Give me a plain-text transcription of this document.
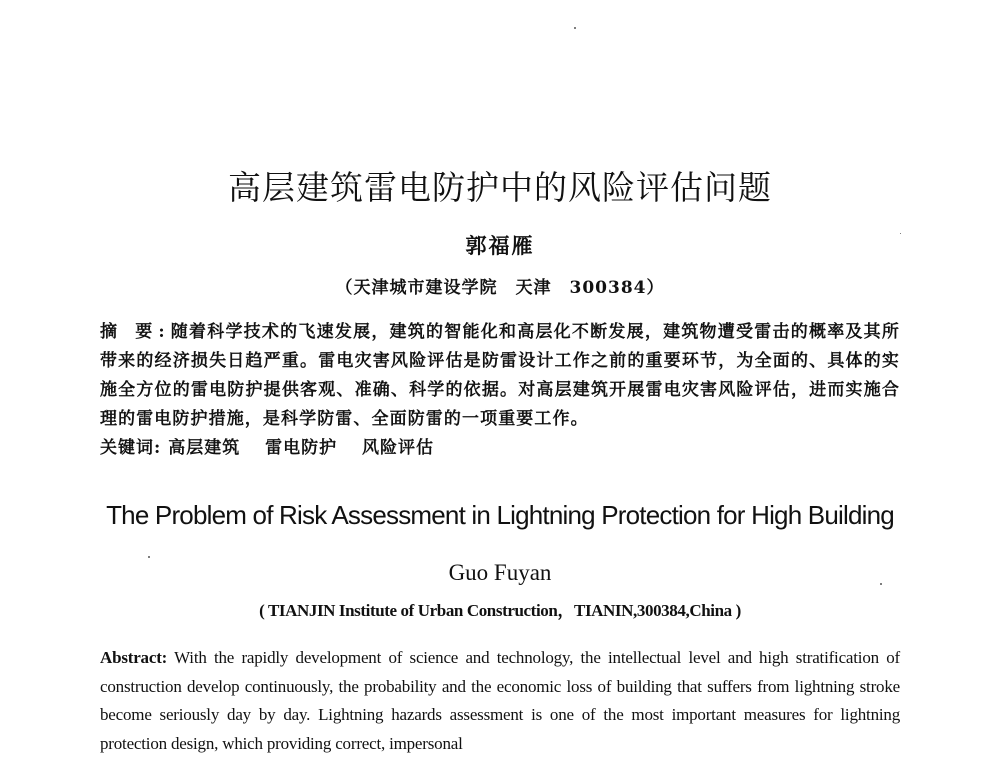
高层建筑雷电防护中的风险评估问题
郭福雁
（天津城市建设学院　天津　300384）
摘 要:随着科学技术的飞速发展，建筑的智能化和高层化不断发展，建筑物遭受雷击的概率及其所带来的经济损失日趋严重。雷电灾害风险评估是防雷设计工作之前的重要环节，为全面的、具体的实施全方位的雷电防护提供客观、准确、科学的依据。对高层建筑开展雷电灾害风险评估，进而实施合理的雷电防护措施，是科学防雷、全面防雷的一项重要工作。
关键词: 高层建筑 雷电防护 风险评估
The Problem of Risk Assessment in Lightning Protection for High Building
Guo Fuyan
( TIANJIN Institute of Urban Construction，TIANIN,300384,China )
Abstract: With the rapidly development of science and technology, the intellectual level and high stratification of construction develop continuously, the probability and the economic loss of building that suffers from lightning stroke become seriously day by day. Lightning hazards assessment is one of the most important measures for lightning protection design, which providing correct, impersonal
